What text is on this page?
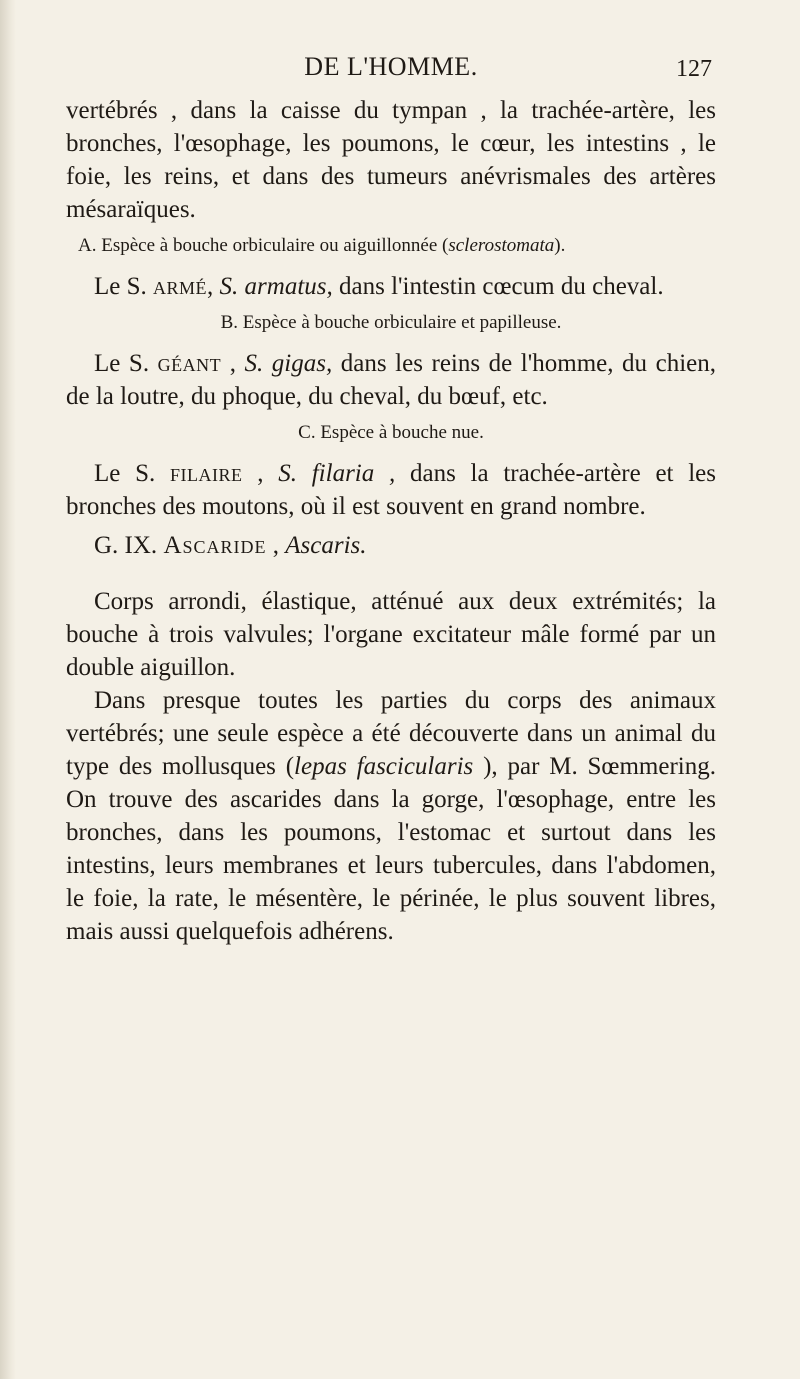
DE L'HOMME.	127

vertébrés , dans la caisse du tympan , la trachée-artère, les bronches, l'œsophage, les poumons, le cœur, les intestins , le foie, les reins, et dans des tumeurs anévrismales des artères mésaraïques.

A. Espèce à bouche orbiculaire ou aiguillonnée (sclerostomata).

Le S. armé, S. armatus, dans l'intestin cœcum du cheval.

B. Espèce à bouche orbiculaire et papilleuse.

Le S. géant , S. gigas, dans les reins de l'homme, du chien, de la loutre, du phoque, du cheval, du bœuf, etc.

C. Espèce à bouche nue.

Le S. filaire , S. filaria , dans la trachée-artère et les bronches des moutons, où il est souvent en grand nombre.

G. IX. Ascaride , Ascaris.

Corps arrondi, élastique, atténué aux deux extrémités; la bouche à trois valvules; l'organe excitateur mâle formé par un double aiguillon.

Dans presque toutes les parties du corps des animaux vertébrés; une seule espèce a été découverte dans un animal du type des mollusques (lepas fascicularis ), par M. Sœmmering. On trouve des ascarides dans la gorge, l'œsophage, entre les bronches, dans les poumons, l'estomac et surtout dans les intestins, leurs membranes et leurs tubercules, dans l'abdomen, le foie, la rate, le mésentère, le périnée, le plus souvent libres, mais aussi quelquefois adhérens.
